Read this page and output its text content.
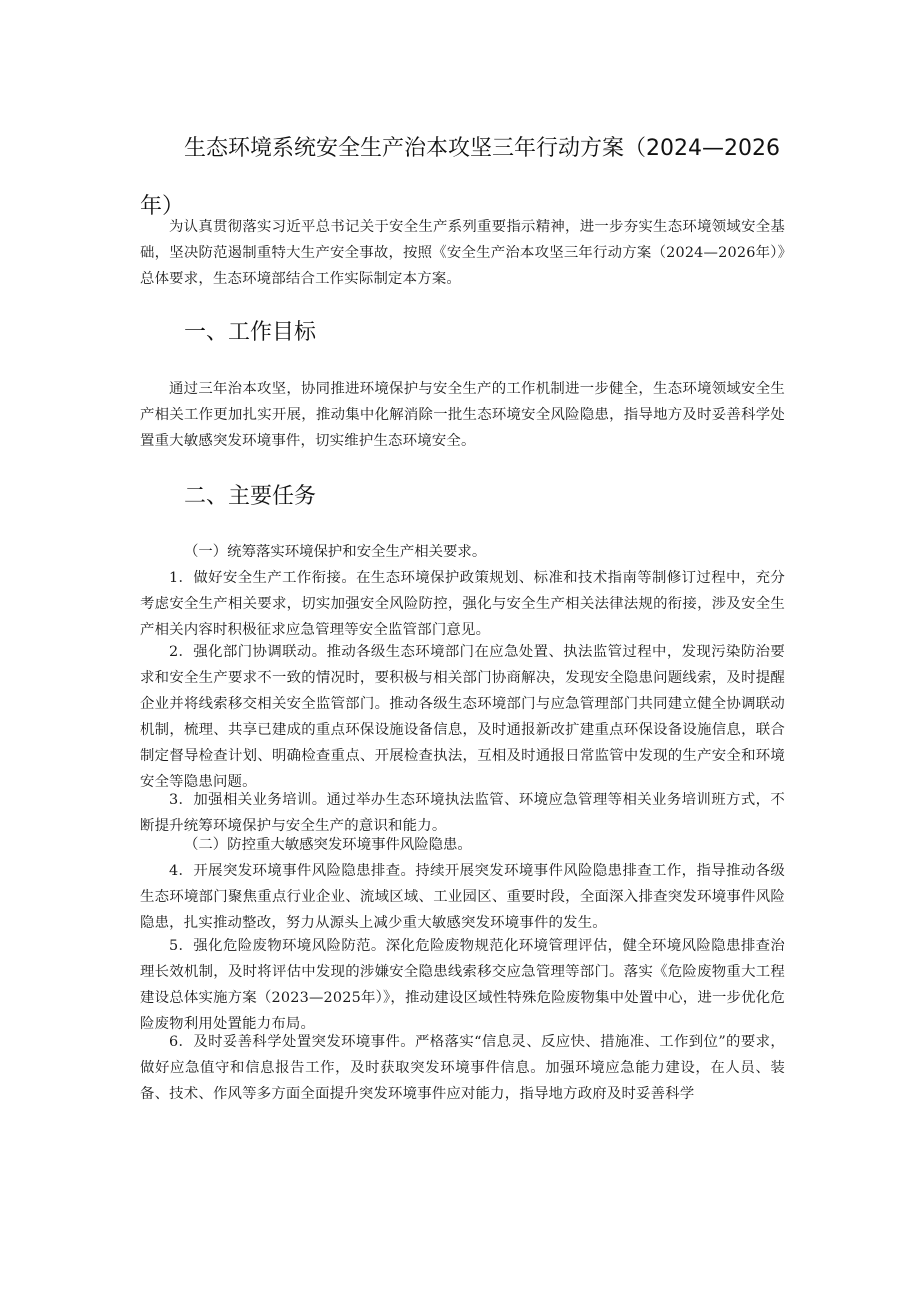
生态环境系统安全生产治本攻坚三年行动方案（2024—2026年）

为认真贯彻落实习近平总书记关于安全生产系列重要指示精神，进一步夯实生态环境领域安全基础，坚决防范遏制重特大生产安全事故，按照《安全生产治本攻坚三年行动方案（2024—2026年）》总体要求，生态环境部结合工作实际制定本方案。

一、工作目标

通过三年治本攻坚，协同推进环境保护与安全生产的工作机制进一步健全，生态环境领域安全生产相关工作更加扎实开展，推动集中化解消除一批生态环境安全风险隐患，指导地方及时妥善科学处置重大敏感突发环境事件，切实维护生态环境安全。

二、主要任务

（一）统筹落实环境保护和安全生产相关要求。

1．做好安全生产工作衔接。在生态环境保护政策规划、标准和技术指南等制修订过程中，充分考虑安全生产相关要求，切实加强安全风险防控，强化与安全生产相关法律法规的衔接，涉及安全生产相关内容时积极征求应急管理等安全监管部门意见。

2．强化部门协调联动。推动各级生态环境部门在应急处置、执法监管过程中，发现污染防治要求和安全生产要求不一致的情况时，要积极与相关部门协商解决，发现安全隐患问题线索，及时提醒企业并将线索移交相关安全监管部门。推动各级生态环境部门与应急管理部门共同建立健全协调联动机制，梳理、共享已建成的重点环保设施设备信息，及时通报新改扩建重点环保设备设施信息，联合制定督导检查计划、明确检查重点、开展检查执法，互相及时通报日常监管中发现的生产安全和环境安全等隐患问题。

3．加强相关业务培训。通过举办生态环境执法监管、环境应急管理等相关业务培训班方式，不断提升统筹环境保护与安全生产的意识和能力。

（二）防控重大敏感突发环境事件风险隐患。

4．开展突发环境事件风险隐患排查。持续开展突发环境事件风险隐患排查工作，指导推动各级生态环境部门聚焦重点行业企业、流域区域、工业园区、重要时段，全面深入排查突发环境事件风险隐患，扎实推动整改，努力从源头上减少重大敏感突发环境事件的发生。

5．强化危险废物环境风险防范。深化危险废物规范化环境管理评估，健全环境风险隐患排查治理长效机制，及时将评估中发现的涉嫌安全隐患线索移交应急管理等部门。落实《危险废物重大工程建设总体实施方案（2023—2025年）》，推动建设区域性特殊危险废物集中处置中心，进一步优化危险废物利用处置能力布局。

6．及时妥善科学处置突发环境事件。严格落实“信息灵、反应快、措施准、工作到位”的要求，做好应急值守和信息报告工作，及时获取突发环境事件信息。加强环境应急能力建设，在人员、装备、技术、作风等多方面全面提升突发环境事件应对能力，指导地方政府及时妥善科学
